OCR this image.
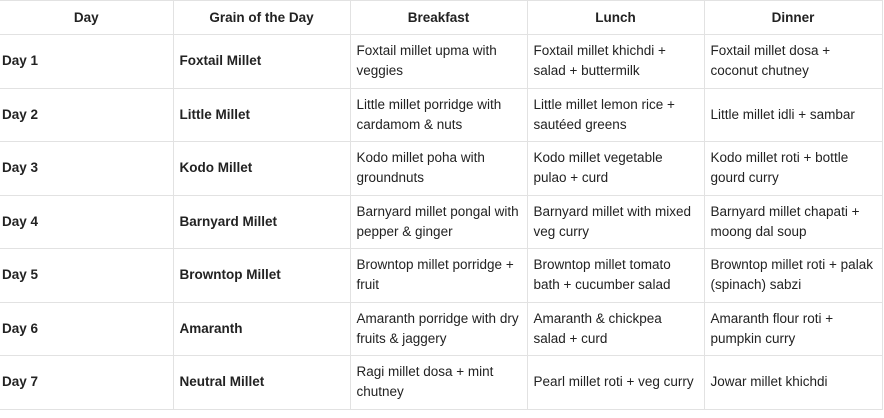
Day	Grain of the Day	Breakfast	Lunch	Dinner
Day 1	Foxtail Millet	Foxtail millet upma with veggies	Foxtail millet khichdi + salad + buttermilk	Foxtail millet dosa + coconut chutney
Day 2	Little Millet	Little millet porridge with cardamom & nuts	Little millet lemon rice + sautéed greens	Little millet idli + sambar
Day 3	Kodo Millet	Kodo millet poha with groundnuts	Kodo millet vegetable pulao + curd	Kodo millet roti + bottle gourd curry
Day 4	Barnyard Millet	Barnyard millet pongal with pepper & ginger	Barnyard millet with mixed veg curry	Barnyard millet chapati + moong dal soup
Day 5	Browntop Millet	Browntop millet porridge + fruit	Browntop millet tomato bath + cucumber salad	Browntop millet roti + palak (spinach) sabzi
Day 6	Amaranth	Amaranth porridge with dry fruits & jaggery	Amaranth & chickpea salad + curd	Amaranth flour roti + pumpkin curry
Day 7	Neutral Millet	Ragi millet dosa + mint chutney	Pearl millet roti + veg curry	Jowar millet khichdi
